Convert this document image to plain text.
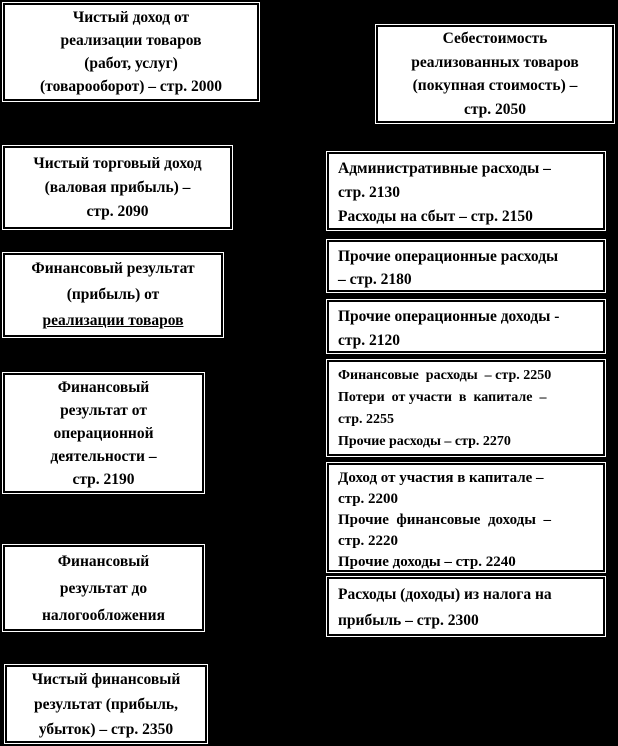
Чистый доход от
реализации товаров
(работ, услуг)
(товарооборот) – стр. 2000
Чистый торговый доход
(валовая прибыль) –
стр. 2090
Финансовый результат
(прибыль) от
реализации товаров
Финансовый
результат от
операционной
деятельности –
стр. 2190
Финансовый
результат до
налогообложения
Чистый финансовый
результат (прибыль,
убыток) – стр. 2350
Себестоимость
реализованных товаров
(покупная стоимость) –
стр. 2050
Административные расходы –
стр. 2130
Расходы на сбыт – стр. 2150
Прочие операционные расходы
– стр. 2180
Прочие операционные доходы -
стр. 2120
Финансовые  расходы  – стр. 2250
Потери  от участи  в  капитале  –
стр. 2255
Прочие расходы – стр. 2270
Доход от участия в капитале –
стр. 2200
Прочие  финансовые  доходы  –
стр. 2220
Прочие доходы – стр. 2240
Расходы (доходы) из налога на
прибыль – стр. 2300
